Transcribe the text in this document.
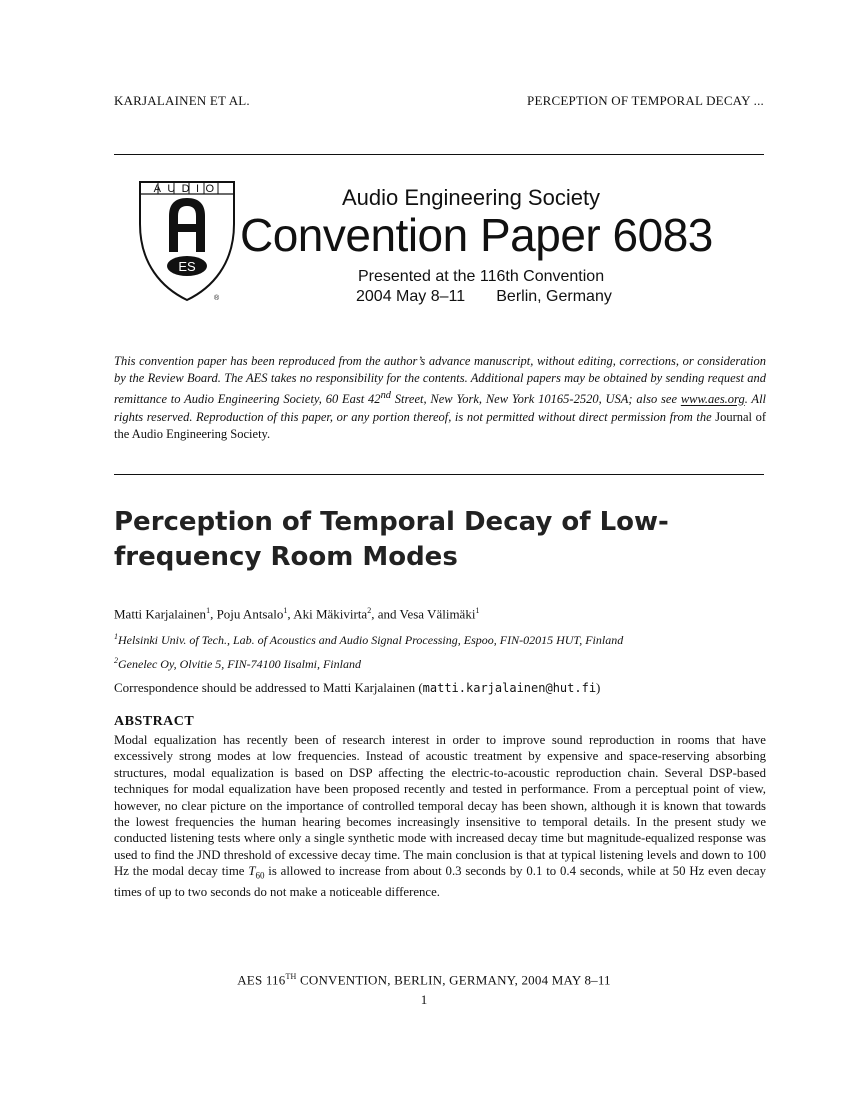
KARJALAINEN ET AL.	PERCEPTION OF TEMPORAL DECAY ...
AUDIO
ES
®
Audio Engineering Society
Convention Paper 6083
Presented at the 116th Convention
2004 May 8–11 Berlin, Germany
This convention paper has been reproduced from the author’s advance manuscript, without editing, corrections, or consideration by the Review Board. The AES takes no responsibility for the contents. Additional papers may be obtained by sending request and remittance to Audio Engineering Society, 60 East 42nd Street, New York, New York 10165-2520, USA; also see www.aes.org. All rights reserved. Reproduction of this paper, or any portion thereof, is not permitted without direct permission from the Journal of the Audio Engineering Society.
Perception of Temporal Decay of Low-
frequency Room Modes
Matti Karjalainen$^1$, Poju Antsalo$^1$, Aki Mäkivirta$^2$, and Vesa Välimäki$^1$
$^1$Helsinki Univ. of Tech., Lab. of Acoustics and Audio Signal Processing, Espoo, FIN-02015 HUT, Finland
$^2$Genelec Oy, Olvitie 5, FIN-74100 Iisalmi, Finland
Correspondence should be addressed to Matti Karjalainen (matti.karjalainen@hut.fi)
ABSTRACT
Modal equalization has recently been of research interest in order to improve sound reproduction in rooms that have excessively strong modes at low frequencies. Instead of acoustic treatment by expensive and space-reserving absorbing structures, modal equalization is based on DSP affecting the electric-to-acoustic reproduction chain. Several DSP-based techniques for modal equalization have been proposed recently and tested in performance. From a perceptual point of view, however, no clear picture on the importance of controlled temporal decay has been shown, although it is known that towards the lowest frequencies the human hearing becomes increasingly insensitive to temporal details. In the present study we conducted listening tests where only a single synthetic mode with increased decay time but magnitude-equalized response was used to find the JND threshold of excessive decay time. The main conclusion is that at typical listening levels and down to 100 Hz the modal decay time $T_{60}$ is allowed to increase from about 0.3 seconds by 0.1 to 0.4 seconds, while at 50 Hz even decay times of up to two seconds do not make a noticeable difference.
AES 116TH CONVENTION, BERLIN, GERMANY, 2004 MAY 8–11
1
